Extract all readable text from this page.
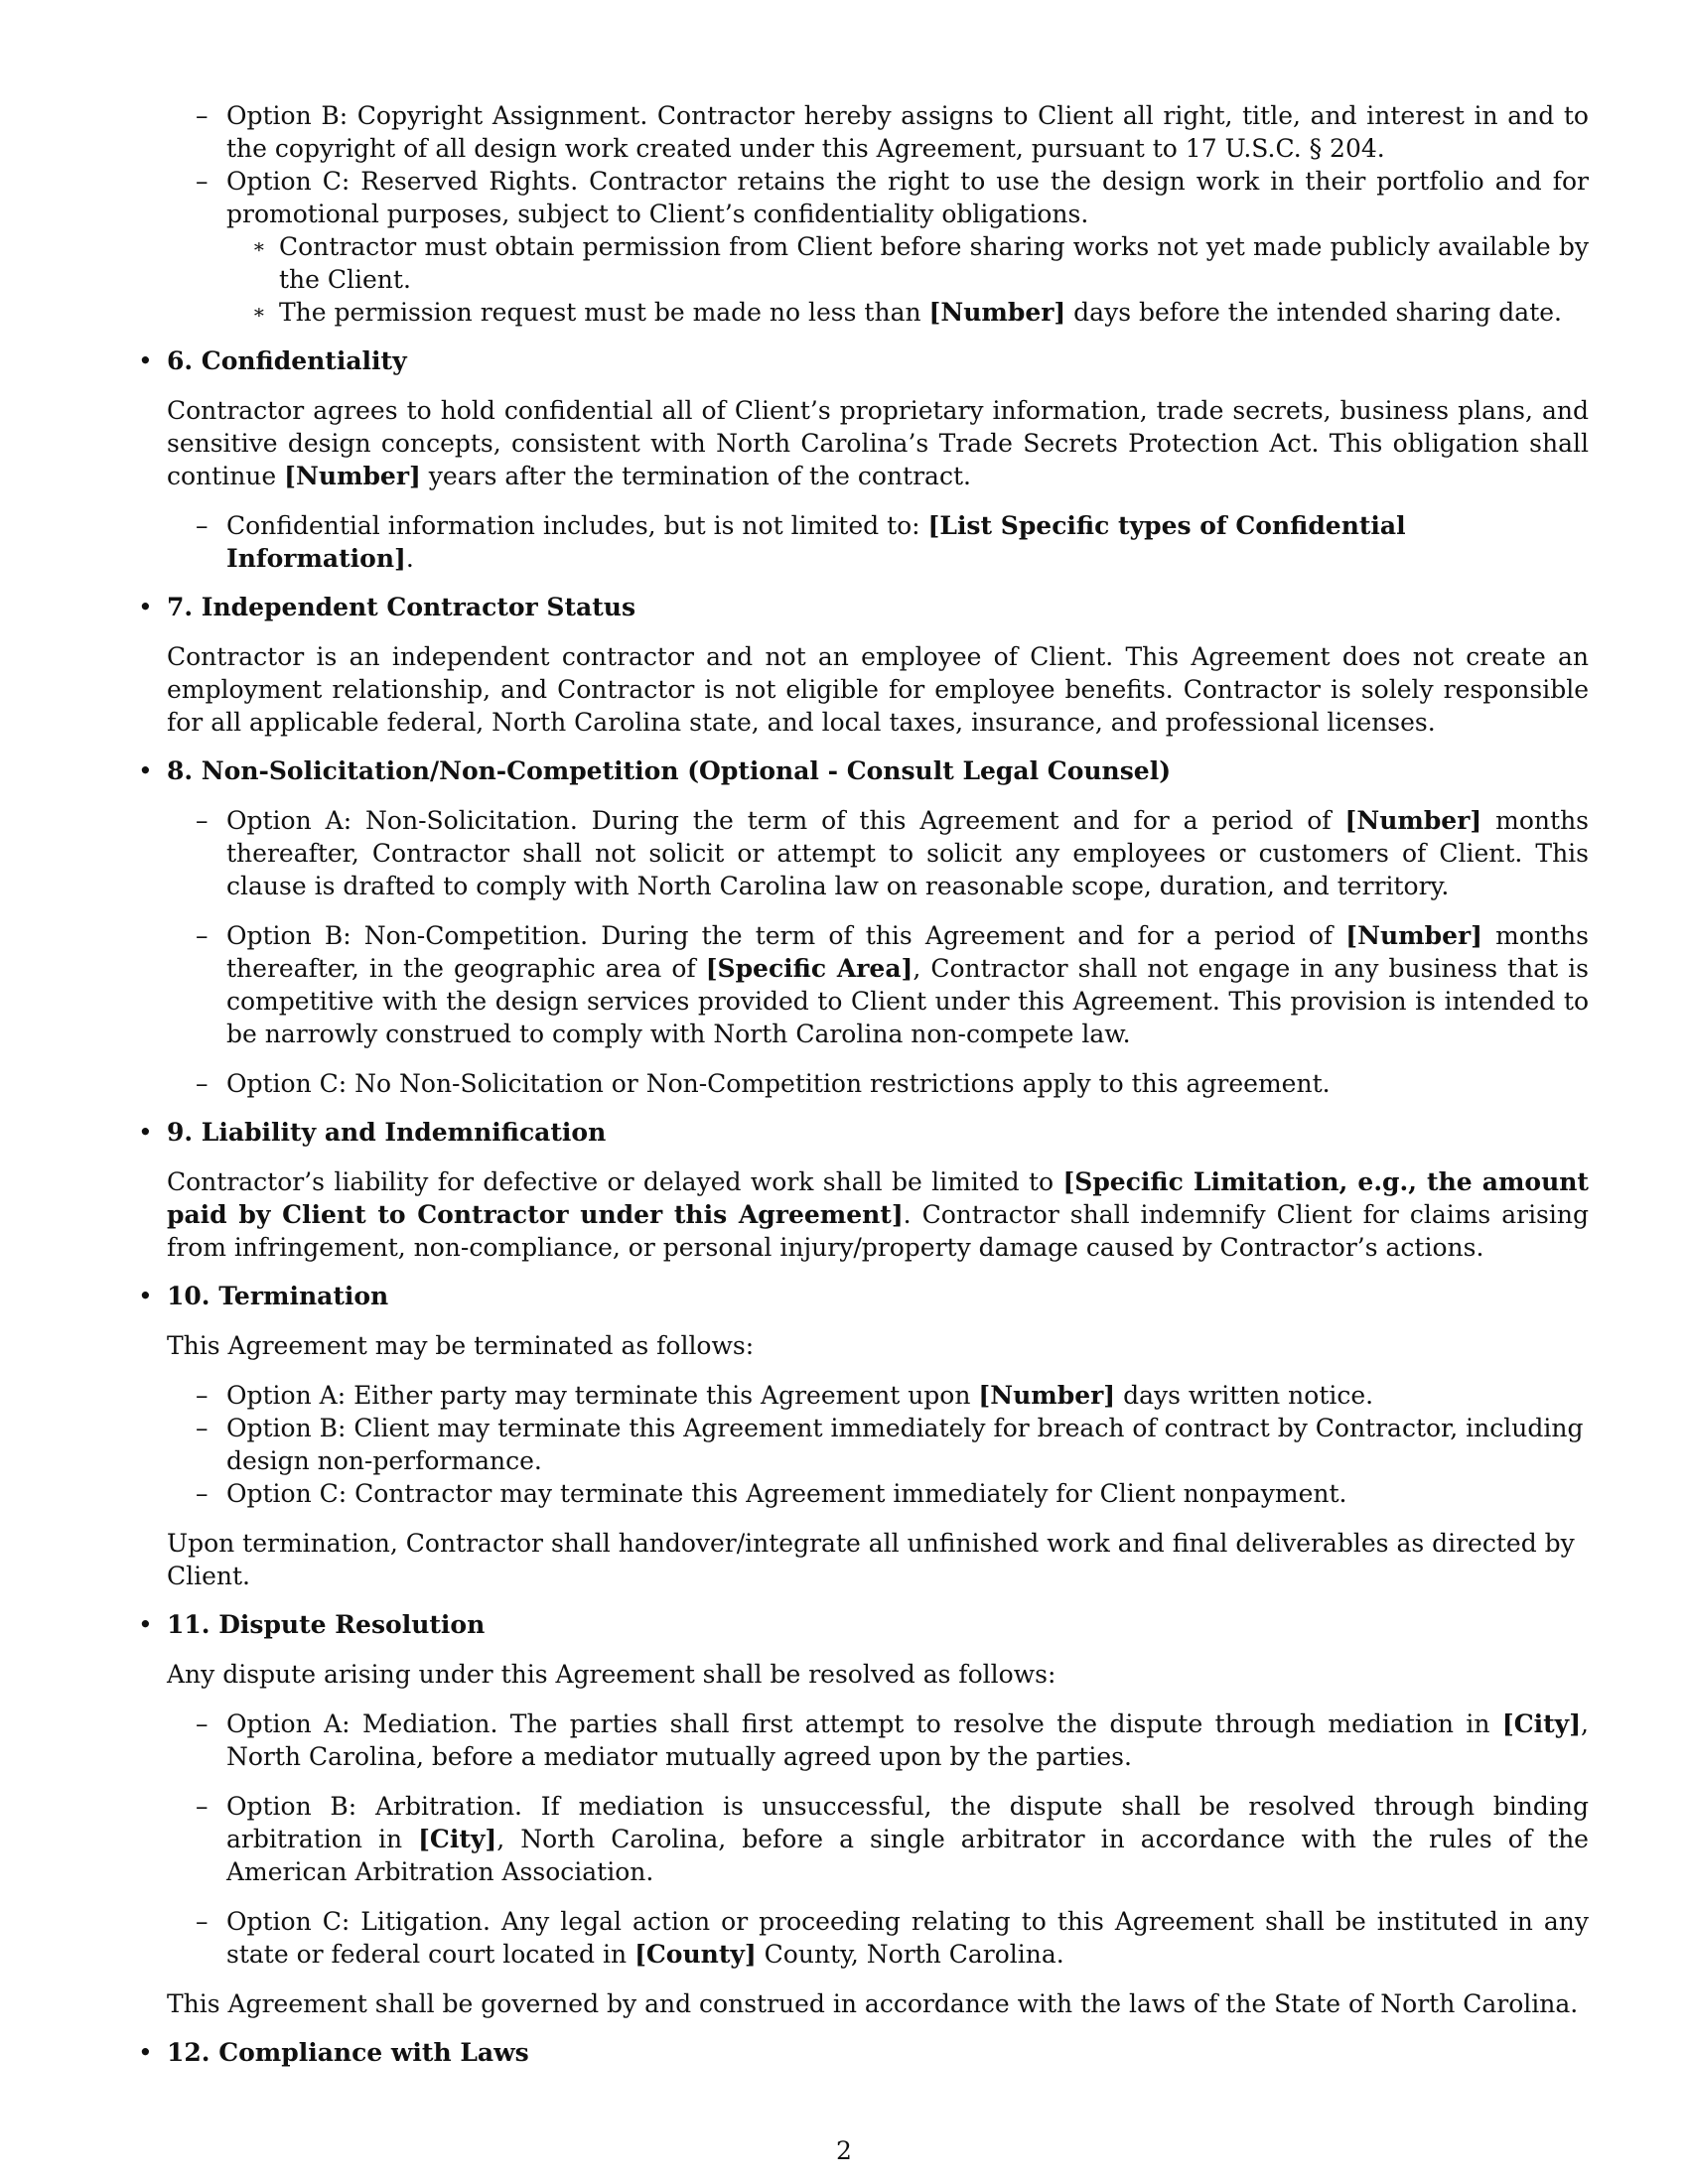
– Option B: Copyright Assignment. Contractor hereby assigns to Client all right, title, and interest in and to the copyright of all design work created under this Agreement, pursuant to 17 U.S.C. § 204.

– Option C: Reserved Rights. Contractor retains the right to use the design work in their portfolio and for promotional purposes, subject to Client’s confidentiality obligations.

∗ Contractor must obtain permission from Client before sharing works not yet made publicly available by the Client.

∗ The permission request must be made no less than [Number] days before the intended sharing date.

• 6. Confidentiality

Contractor agrees to hold confidential all of Client’s proprietary information, trade secrets, business plans, and sensitive design concepts, consistent with North Carolina’s Trade Secrets Protection Act. This obligation shall continue [Number] years after the termination of the contract.

– Confidential information includes, but is not limited to: [List Specific types of Confidential Information].

• 7. Independent Contractor Status

Contractor is an independent contractor and not an employee of Client. This Agreement does not create an employment relationship, and Contractor is not eligible for employee benefits. Contractor is solely responsible for all applicable federal, North Carolina state, and local taxes, insurance, and professional licenses.

• 8. Non-Solicitation/Non-Competition (Optional - Consult Legal Counsel)

– Option A: Non-Solicitation. During the term of this Agreement and for a period of [Number] months thereafter, Contractor shall not solicit or attempt to solicit any employees or customers of Client. This clause is drafted to comply with North Carolina law on reasonable scope, duration, and territory.

– Option B: Non-Competition. During the term of this Agreement and for a period of [Number] months thereafter, in the geographic area of [Specific Area], Contractor shall not engage in any business that is competitive with the design services provided to Client under this Agreement. This provision is intended to be narrowly construed to comply with North Carolina non-compete law.

– Option C: No Non-Solicitation or Non-Competition restrictions apply to this agreement.

• 9. Liability and Indemnification

Contractor’s liability for defective or delayed work shall be limited to [Specific Limitation, e.g., the amount paid by Client to Contractor under this Agreement]. Contractor shall indemnify Client for claims arising from infringement, non-compliance, or personal injury/property damage caused by Contractor’s actions.

• 10. Termination

This Agreement may be terminated as follows:

– Option A: Either party may terminate this Agreement upon [Number] days written notice.

– Option B: Client may terminate this Agreement immediately for breach of contract by Contractor, including design non-performance.

– Option C: Contractor may terminate this Agreement immediately for Client nonpayment.

Upon termination, Contractor shall handover/integrate all unfinished work and final deliverables as directed by Client.

• 11. Dispute Resolution

Any dispute arising under this Agreement shall be resolved as follows:

– Option A: Mediation. The parties shall first attempt to resolve the dispute through mediation in [City], North Carolina, before a mediator mutually agreed upon by the parties.

– Option B: Arbitration. If mediation is unsuccessful, the dispute shall be resolved through binding arbitration in [City], North Carolina, before a single arbitrator in accordance with the rules of the American Arbitration Association.

– Option C: Litigation. Any legal action or proceeding relating to this Agreement shall be instituted in any state or federal court located in [County] County, North Carolina.

This Agreement shall be governed by and construed in accordance with the laws of the State of North Carolina.

• 12. Compliance with Laws

2
